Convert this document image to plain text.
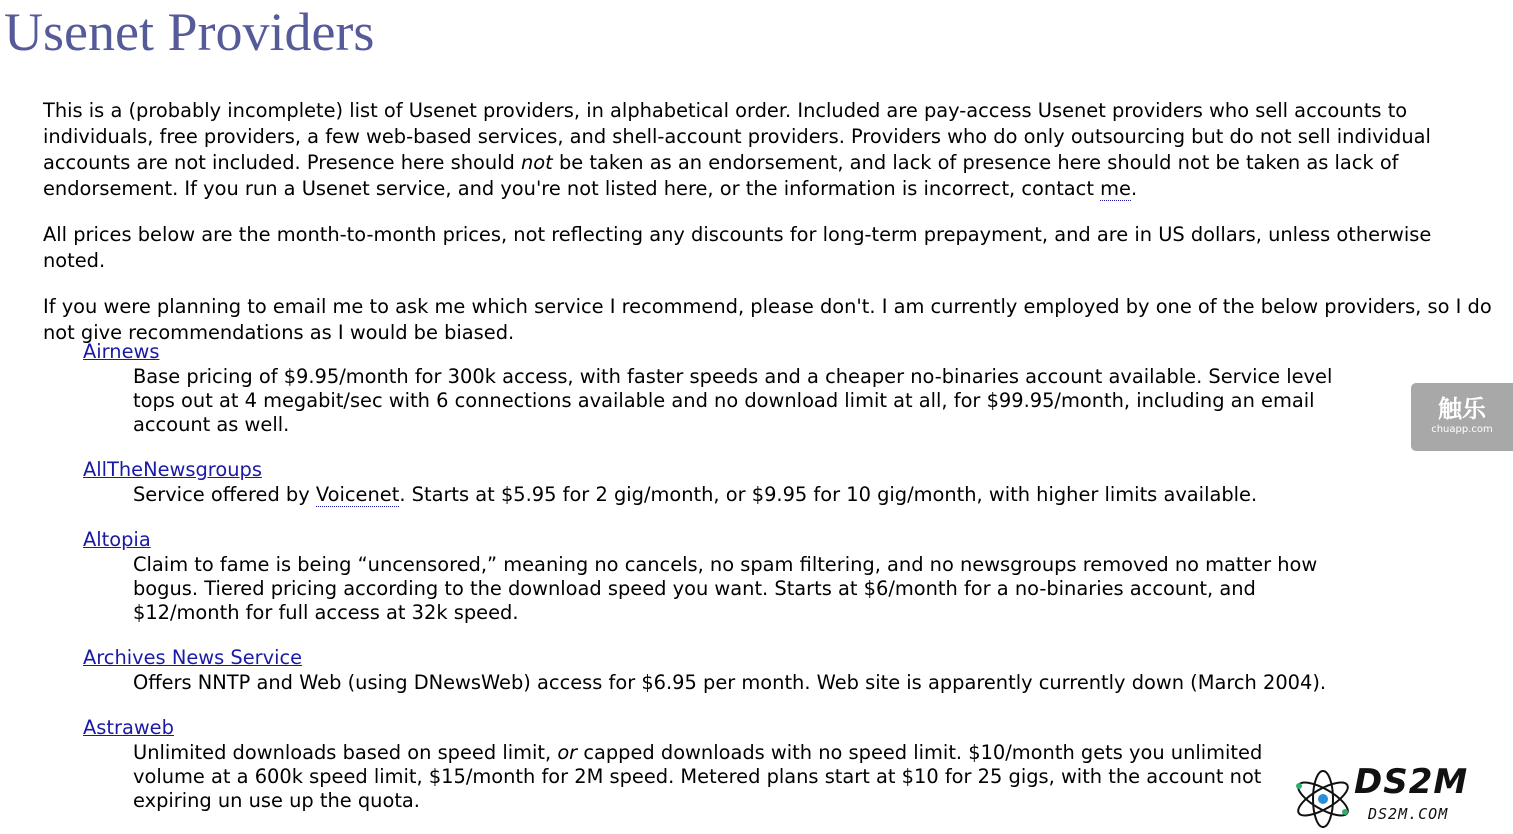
Usenet Providers

This is a (probably incomplete) list of Usenet providers, in alphabetical order. Included are pay-access Usenet providers who sell accounts to individuals, free providers, a few web-based services, and shell-account providers. Providers who do only outsourcing but do not sell individual accounts are not included. Presence here should not be taken as an endorsement, and lack of presence here should not be taken as lack of endorsement. If you run a Usenet service, and you're not listed here, or the information is incorrect, contact me.

All prices below are the month-to-month prices, not reflecting any discounts for long-term prepayment, and are in US dollars, unless otherwise noted.

If you were planning to email me to ask me which service I recommend, please don't. I am currently employed by one of the below providers, so I do not give recommendations as I would be biased.

Airnews
Base pricing of $9.95/month for 300k access, with faster speeds and a cheaper no-binaries account available. Service level tops out at 4 megabit/sec with 6 connections available and no download limit at all, for $99.95/month, including an email account as well.
AllTheNewsgroups
Service offered by Voicenet. Starts at $5.95 for 2 gig/month, or $9.95 for 10 gig/month, with higher limits available.
Altopia
Claim to fame is being “uncensored,” meaning no cancels, no spam filtering, and no newsgroups removed no matter how bogus. Tiered pricing according to the download speed you want. Starts at $6/month for a no-binaries account, and $12/month for full access at 32k speed.
Archives News Service
Offers NNTP and Web (using DNewsWeb) access for $6.95 per month. Web site is apparently currently down (March 2004).
Astraweb
Unlimited downloads based on speed limit, or capped downloads with no speed limit. $10/month gets you unlimited volume at a 600k speed limit, $15/month for 2M speed. Metered plans start at $10 for 25 gigs, with the account not expiring un use up the quota.
触乐
chuapp.com
DS2M
DS2M.COM
